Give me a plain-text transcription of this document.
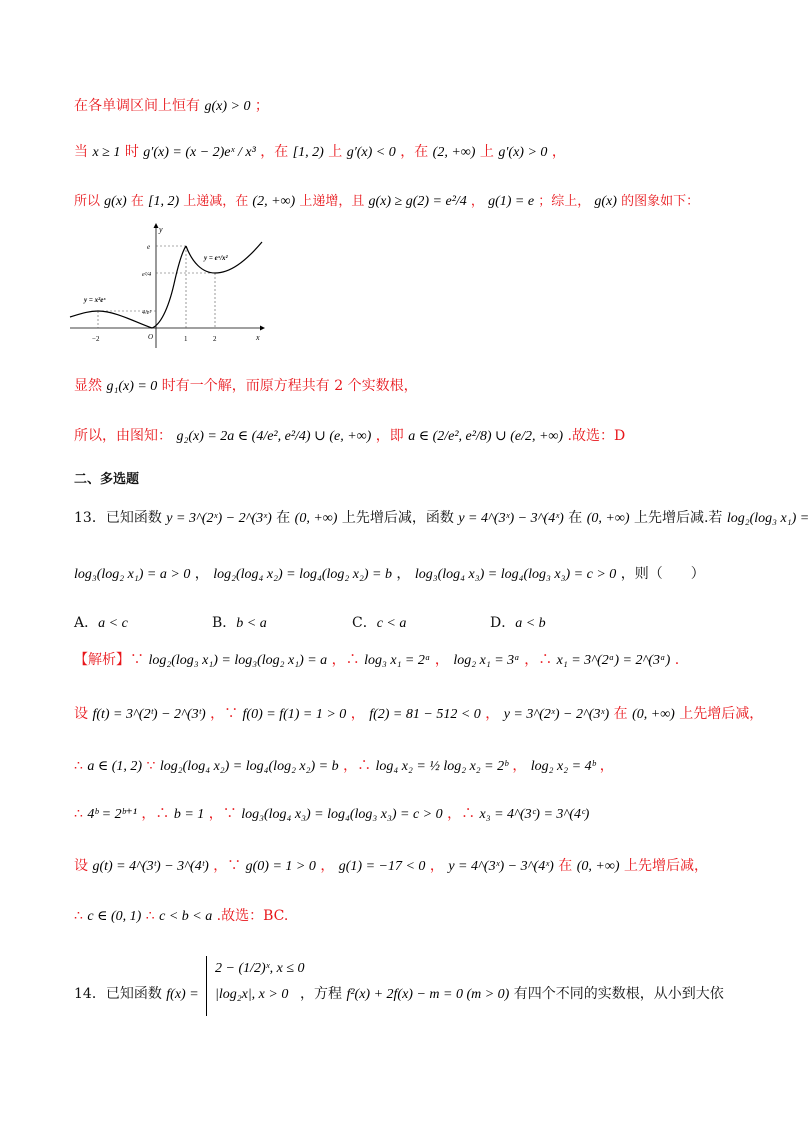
在各单调区间上恒有 g(x) > 0 ；
当 x ≥ 1 时 g′(x) = (x − 2)eˣ / x³ ，在 [1, 2) 上 g′(x) < 0 ，在 (2, +∞) 上 g′(x) > 0 ，
所以 g(x) 在 [1, 2) 上递减，在 (2, +∞) 上递增，且 g(x) ≥ g(2) = e²/4 ， g(1) = e ；综上， g(x) 的图象如下：
y
x
e
e²/4
4/e²
−2	1	2
O
y = eˣ/x²
y = x²eˣ
显然 g₁(x) = 0 时有一个解，而原方程共有 2 个实数根，
所以，由图知： g₂(x) = 2a ∈ (4/e², e²/4) ∪ (e, +∞) ，即 a ∈ (2/e², e²/8) ∪ (e/2, +∞) .故选：D
二、多选题
13．已知函数 y = 3^(2ˣ) − 2^(3ˣ) 在 (0, +∞) 上先增后减，函数 y = 4^(3ˣ) − 3^(4ˣ) 在 (0, +∞) 上先增后减.若 log₂(log₃ x₁) =
log₃(log₂ x₁) = a > 0 ， log₂(log₄ x₂) = log₄(log₂ x₂) = b ， log₃(log₄ x₃) = log₄(log₃ x₃) = c > 0 ，则（　　）
A．a < c	B．b < a	C．c < a	D．a < b
【解析】∵ log₂(log₃ x₁) = log₃(log₂ x₁) = a ，∴ log₃ x₁ = 2ᵃ ， log₂ x₁ = 3ᵃ ，∴ x₁ = 3^(2ᵃ) = 2^(3ᵃ) .
设 f(t) = 3^(2ᵗ) − 2^(3ᵗ) ，∵ f(0) = f(1) = 1 > 0 ， f(2) = 81 − 512 < 0 ， y = 3^(2ˣ) − 2^(3ˣ) 在 (0, +∞) 上先增后减，
∴ a ∈ (1, 2) ∵ log₂(log₄ x₂) = log₄(log₂ x₂) = b ，∴ log₄ x₂ = ½ log₂ x₂ = 2ᵇ ， log₂ x₂ = 4ᵇ ，
∴ 4ᵇ = 2ᵇ⁺¹ ，∴ b = 1 ，∵ log₃(log₄ x₃) = log₄(log₃ x₃) = c > 0 ，∴ x₃ = 4^(3ᶜ) = 3^(4ᶜ)
设 g(t) = 4^(3ᵗ) − 3^(4ᵗ) ，∵ g(0) = 1 > 0 ， g(1) = −17 < 0 ， y = 4^(3ˣ) − 3^(4ˣ) 在 (0, +∞) 上先增后减，
∴ c ∈ (0, 1) ∴ c < b < a .故选：BC.
14．已知函数 f(x) =
2 − (1/2)ˣ, x ≤ 0
|log₂x|, x > 0 ，方程 f²(x) + 2f(x) − m = 0 (m > 0) 有四个不同的实数根，从小到大依
